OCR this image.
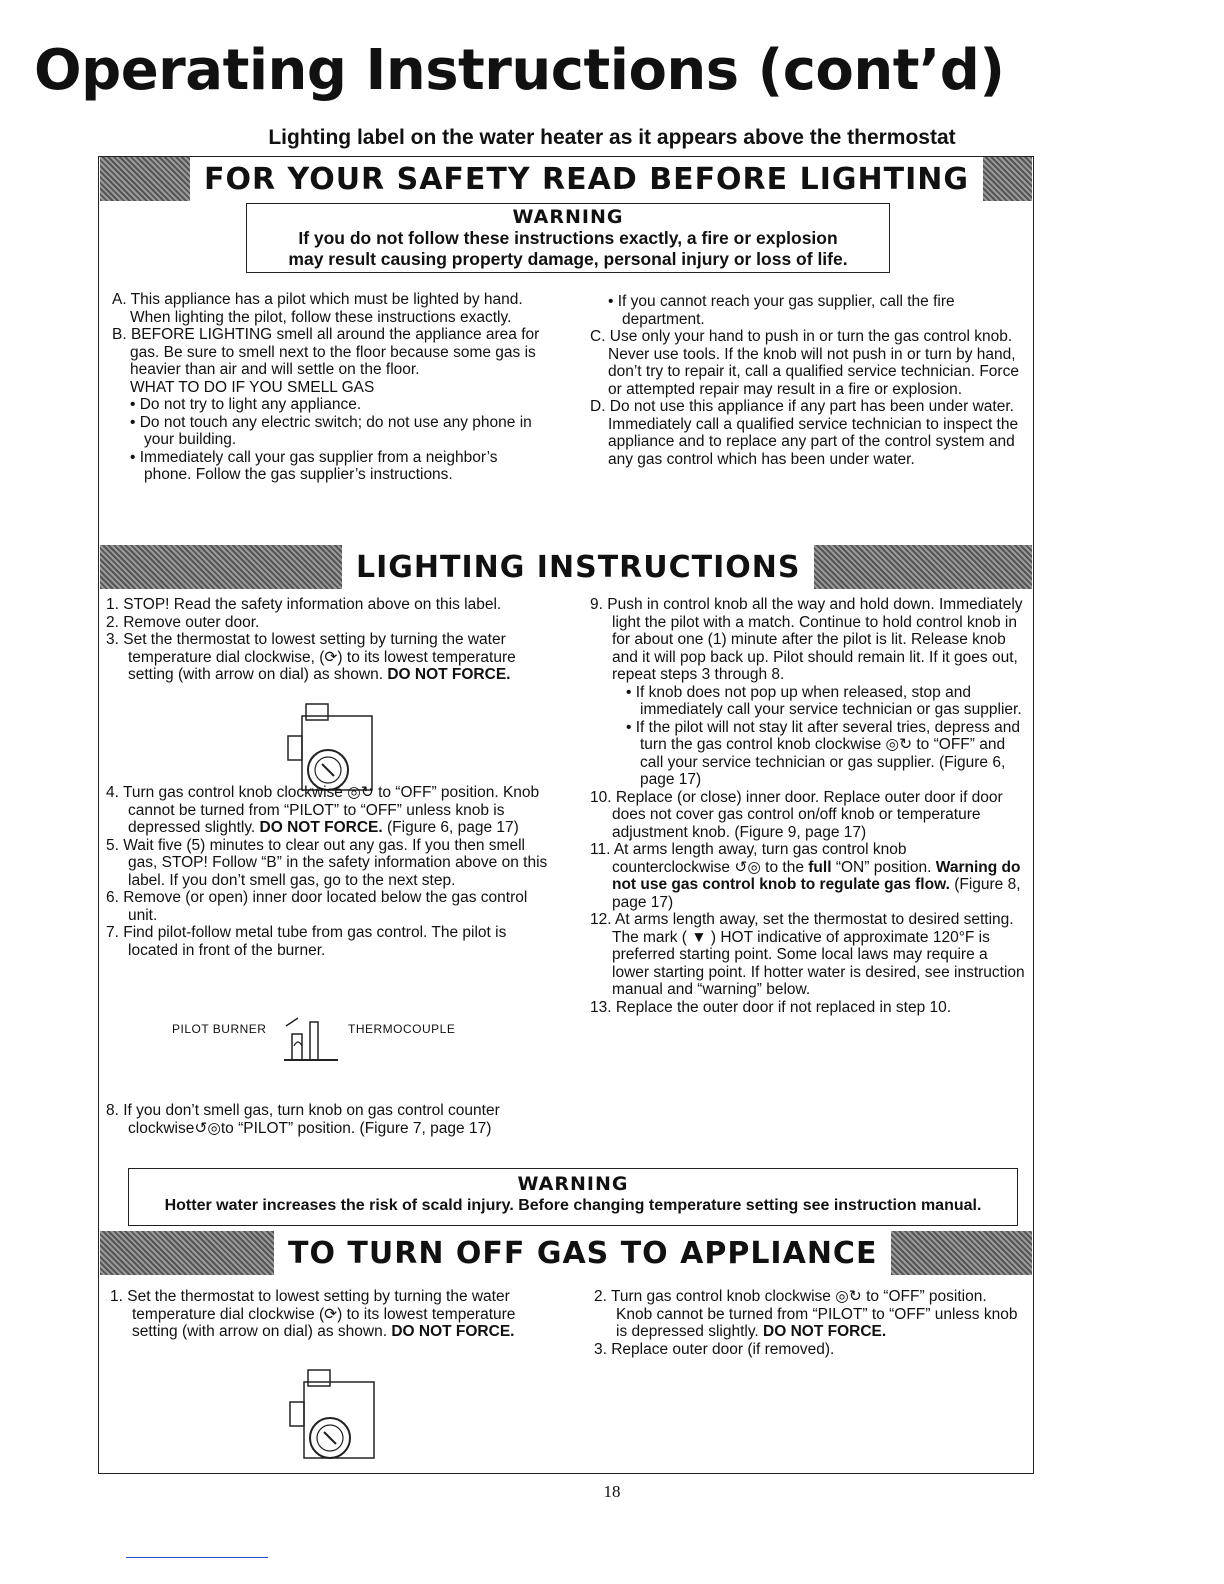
Operating Instructions (cont’d)
Lighting label on the water heater as it appears above the thermostat
FOR YOUR SAFETY READ BEFORE LIGHTING
WARNING
If you do not follow these instructions exactly, a fire or explosion
may result causing property damage, personal injury or loss of life.

A. This appliance has a pilot which must be lighted by hand. When lighting the pilot, follow these instructions exactly.

B. BEFORE LIGHTING smell all around the appliance area for gas. Be sure to smell next to the floor because some gas is heavier than air and will settle on the floor.

WHAT TO DO IF YOU SMELL GAS

• Do not try to light any appliance.

• Do not touch any electric switch; do not use any phone in your building.

• Immediately call your gas supplier from a neighbor’s phone. Follow the gas supplier’s instructions.

• If you cannot reach your gas supplier, call the fire department.

C. Use only your hand to push in or turn the gas control knob. Never use tools. If the knob will not push in or turn by hand, don’t try to repair it, call a qualified service technician. Force or attempted repair may result in a fire or explosion.

D. Do not use this appliance if any part has been under water. Immediately call a qualified service technician to inspect the appliance and to replace any part of the control system and any gas control which has been under water.

LIGHTING INSTRUCTIONS

1. STOP! Read the safety information above on this label.

2. Remove outer door.

3. Set the thermostat to lowest setting by turning the water temperature dial clockwise, (⟳) to its lowest temperature setting (with arrow on dial) as shown. DO NOT FORCE.

4. Turn gas control knob clockwise ◎↻ to “OFF” position. Knob cannot be turned from “PILOT” to “OFF” unless knob is depressed slightly. DO NOT FORCE. (Figure 6, page 17)

5. Wait five (5) minutes to clear out any gas. If you then smell gas, STOP! Follow “B” in the safety information above on this label. If you don’t smell gas, go to the next step.

6. Remove (or open) inner door located below the gas control unit.

7. Find pilot-follow metal tube from gas control. The pilot is located in front of the burner.

PILOT BURNER	THERMOCOUPLE

8. If you don’t smell gas, turn knob on gas control counter clockwise↺◎to “PILOT” position. (Figure 7, page 17)

9. Push in control knob all the way and hold down. Immediately light the pilot with a match. Continue to hold control knob in for about one (1) minute after the pilot is lit. Release knob and it will pop back up. Pilot should remain lit. If it goes out, repeat steps 3 through 8.

• If knob does not pop up when released, stop and immediately call your service technician or gas supplier.

• If the pilot will not stay lit after several tries, depress and turn the gas control knob clockwise ◎↻ to “OFF” and call your service technician or gas supplier. (Figure 6, page 17)

10. Replace (or close) inner door. Replace outer door if door does not cover gas control on/off knob or temperature adjustment knob. (Figure 9, page 17)

11. At arms length away, turn gas control knob counterclockwise ↺◎ to the full “ON” position. Warning do not use gas control knob to regulate gas flow. (Figure 8, page 17)

12. At arms length away, set the thermostat to desired setting. The mark ( ▼ ) HOT indicative of approximate 120°F is preferred starting point. Some local laws may require a lower starting point. If hotter water is desired, see instruction manual and “warning” below.

13. Replace the outer door if not replaced in step 10.

WARNING
Hotter water increases the risk of scald injury. Before changing temperature setting see instruction manual.
TO TURN OFF GAS TO APPLIANCE

1. Set the thermostat to lowest setting by turning the water temperature dial clockwise (⟳) to its lowest temperature setting (with arrow on dial) as shown. DO NOT FORCE.

2. Turn gas control knob clockwise ◎↻ to “OFF” position. Knob cannot be turned from “PILOT” to “OFF” unless knob is depressed slightly. DO NOT FORCE.

3. Replace outer door (if removed).

18
